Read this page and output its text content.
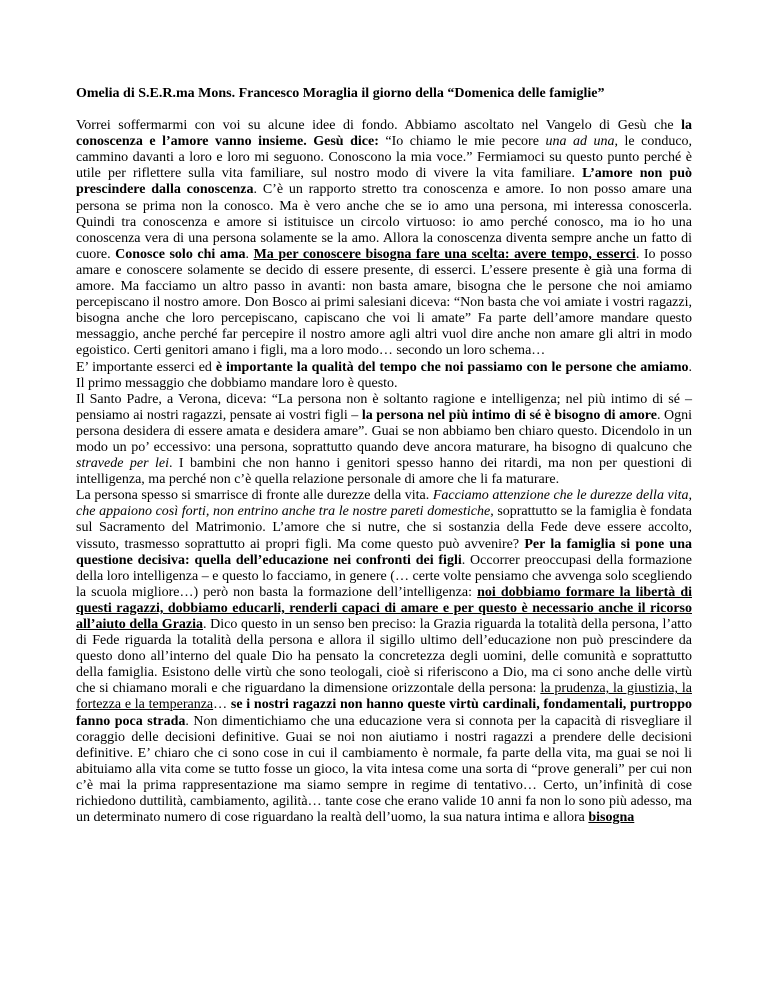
Omelia di S.E.R.ma Mons. Francesco Moraglia il giorno della “Domenica delle famiglie”

Vorrei soffermarmi con voi su alcune idee di fondo. Abbiamo ascoltato nel Vangelo di Gesù che la conoscenza e l’amore vanno insieme. Gesù dice: “Io chiamo le mie pecore una ad una, le conduco, cammino davanti a loro e loro mi seguono. Conoscono la mia voce.” Fermiamoci su questo punto perché è utile per riflettere sulla vita familiare, sul nostro modo di vivere la vita familiare. L’amore non può prescindere dalla conoscenza. C’è un rapporto stretto tra conoscenza e amore. Io non posso amare una persona se prima non la conosco. Ma è vero anche che se io amo una persona, mi interessa conoscerla. Quindi tra conoscenza e amore si istituisce un circolo virtuoso: io amo perché conosco, ma io ho una conoscenza vera di una persona solamente se la amo. Allora la conoscenza diventa sempre anche un fatto di cuore. Conosce solo chi ama. Ma per conoscere bisogna fare una scelta: avere tempo, esserci. Io posso amare e conoscere solamente se decido di essere presente, di esserci. L’essere presente è già una forma di amore. Ma facciamo un altro passo in avanti: non basta amare, bisogna che le persone che noi amiamo percepiscano il nostro amore. Don Bosco ai primi salesiani diceva: “Non basta che voi amiate i vostri ragazzi, bisogna anche che loro percepiscano, capiscano che voi li amate” Fa parte dell’amore mandare questo messaggio, anche perché far percepire il nostro amore agli altri vuol dire anche non amare gli altri in modo egoistico. Certi genitori amano i figli, ma a loro modo… secondo un loro schema…

E’ importante esserci ed è importante la qualità del tempo che noi passiamo con le persone che amiamo. Il primo messaggio che dobbiamo mandare loro è questo.

Il Santo Padre, a Verona, diceva: “La persona non è soltanto ragione e intelligenza; nel più intimo di sé – pensiamo ai nostri ragazzi, pensate ai vostri figli – la persona nel più intimo di sé è bisogno di amore. Ogni persona desidera di essere amata e desidera amare”. Guai se non abbiamo ben chiaro questo. Dicendolo in un modo un po’ eccessivo: una persona, soprattutto quando deve ancora maturare, ha bisogno di qualcuno che stravede per lei. I bambini che non hanno i genitori spesso hanno dei ritardi, ma non per questioni di intelligenza, ma perché non c’è quella relazione personale di amore che li fa maturare.

La persona spesso si smarrisce di fronte alle durezze della vita. Facciamo attenzione che le durezze della vita, che appaiono così forti, non entrino anche tra le nostre pareti domestiche, soprattutto se la famiglia è fondata sul Sacramento del Matrimonio. L’amore che si nutre, che si sostanzia della Fede deve essere accolto, vissuto, trasmesso soprattutto ai propri figli. Ma come questo può avvenire? Per la famiglia si pone una questione decisiva: quella dell’educazione nei confronti dei figli. Occorrer preoccupasi della formazione della loro intelligenza – e questo lo facciamo, in genere (… certe volte pensiamo che avvenga solo scegliendo la scuola migliore…) però non basta la formazione dell’intelligenza: noi dobbiamo formare la libertà di questi ragazzi, dobbiamo educarli, renderli capaci di amare e per questo è necessario anche il ricorso all’aiuto della Grazia. Dico questo in un senso ben preciso: la Grazia riguarda la totalità della persona, l’atto di Fede riguarda la totalità della persona e allora il sigillo ultimo dell’educazione non può prescindere da questo dono all’interno del quale Dio ha pensato la concretezza degli uomini, delle comunità e soprattutto della famiglia. Esistono delle virtù che sono teologali, cioè si riferiscono a Dio, ma ci sono anche delle virtù che si chiamano morali e che riguardano la dimensione orizzontale della persona: la prudenza, la giustizia, la fortezza e la temperanza… se i nostri ragazzi non hanno queste virtù cardinali, fondamentali, purtroppo fanno poca strada. Non dimentichiamo che una educazione vera si connota per la capacità di risvegliare il coraggio delle decisioni definitive. Guai se noi non aiutiamo i nostri ragazzi a prendere delle decisioni definitive. E’ chiaro che ci sono cose in cui il cambiamento è normale, fa parte della vita, ma guai se noi li abituiamo alla vita come se tutto fosse un gioco, la vita intesa come una sorta di “prove generali” per cui non c’è mai la prima rappresentazione ma siamo sempre in regime di tentativo… Certo, un’infinità di cose richiedono duttilità, cambiamento, agilità… tante cose che erano valide 10 anni fa non lo sono più adesso, ma un determinato numero di cose riguardano la realtà dell’uomo, la sua natura intima e allora bisogna
